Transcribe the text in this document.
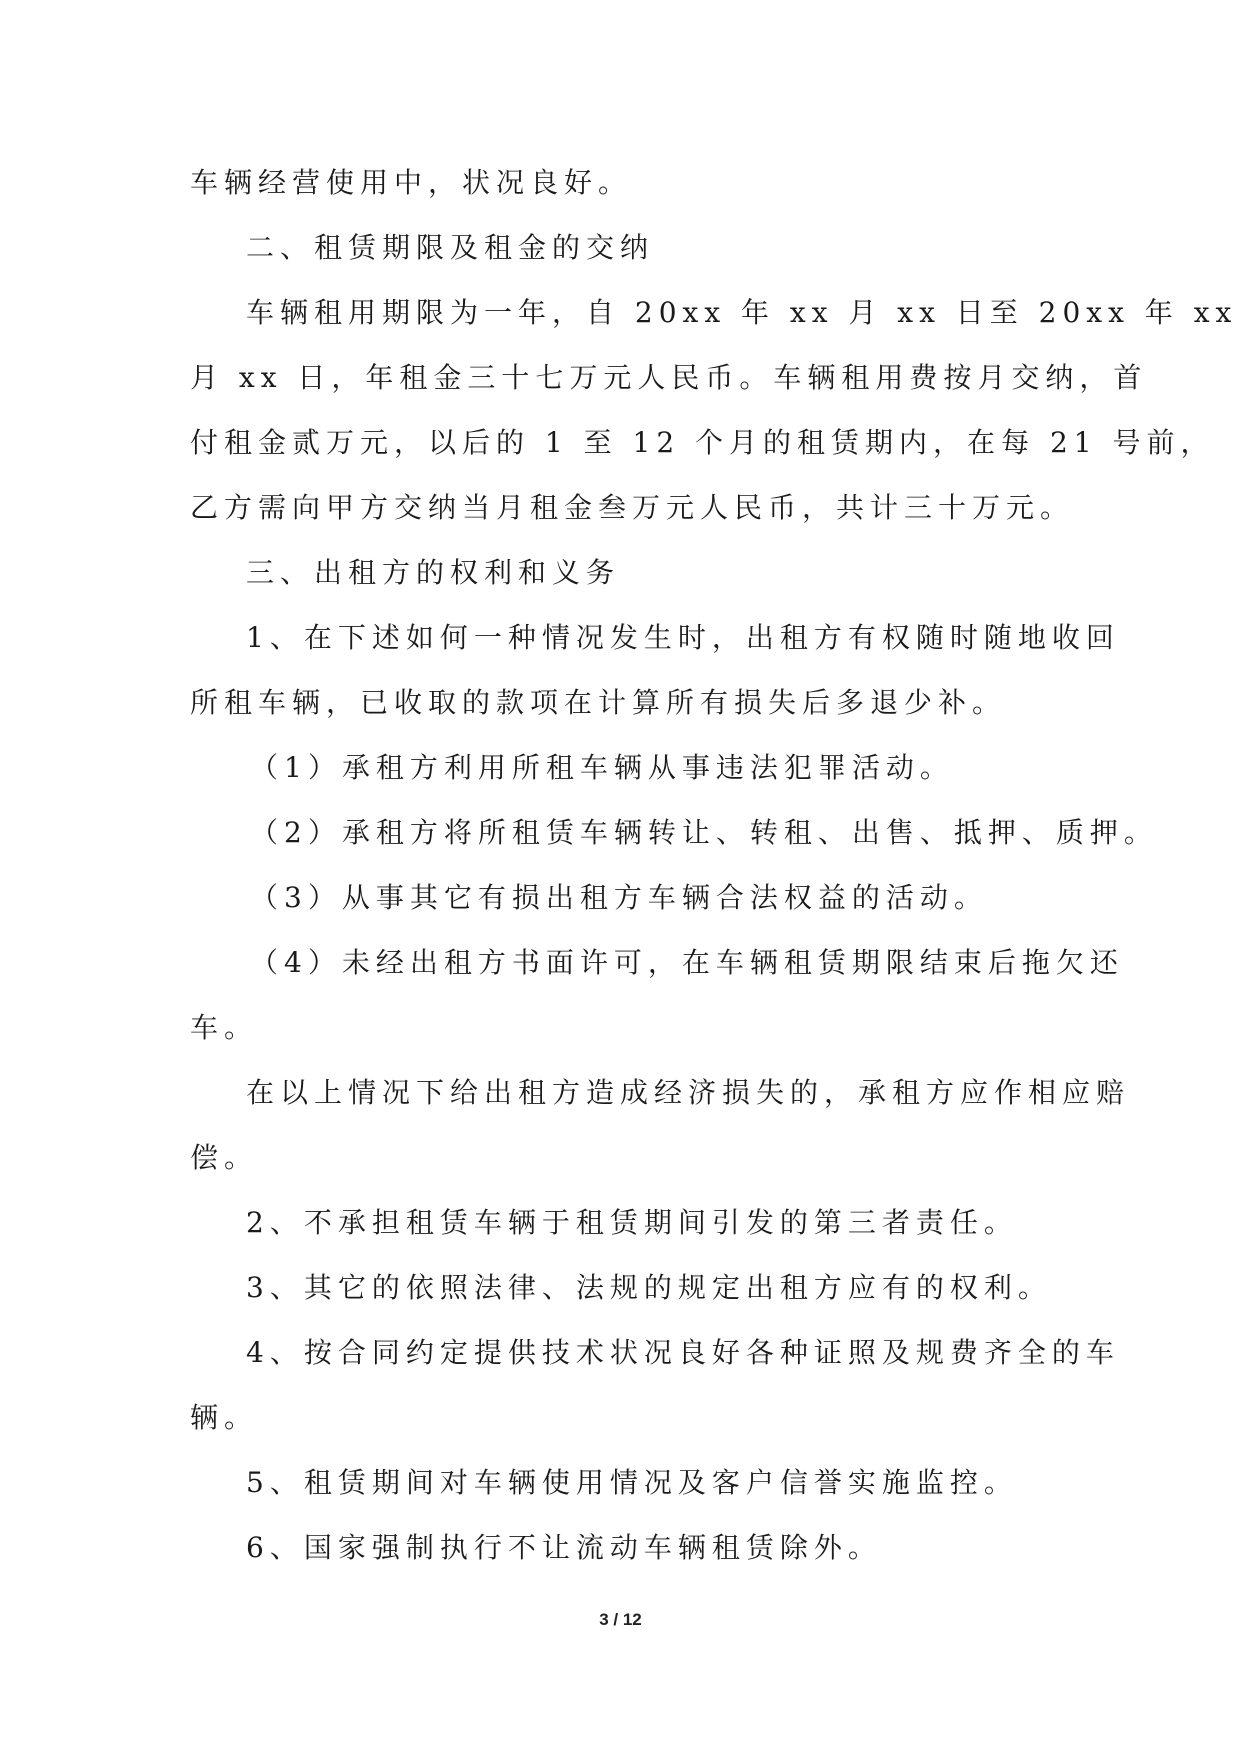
车辆经营使用中，状况良好。
二、租赁期限及租金的交纳
车辆租用期限为一年，自 20xx 年 xx 月 xx 日至 20xx 年 xx
月 xx 日，年租金三十七万元人民币。车辆租用费按月交纳，首
付租金贰万元，以后的 1 至 12 个月的租赁期内，在每 21 号前，
乙方需向甲方交纳当月租金叁万元人民币，共计三十万元。
三、出租方的权利和义务
1、在下述如何一种情况发生时，出租方有权随时随地收回
所租车辆，已收取的款项在计算所有损失后多退少补。
（1）承租方利用所租车辆从事违法犯罪活动。
（2）承租方将所租赁车辆转让、转租、出售、抵押、质押。
（3）从事其它有损出租方车辆合法权益的活动。
（4）未经出租方书面许可，在车辆租赁期限结束后拖欠还
车。
在以上情况下给出租方造成经济损失的，承租方应作相应赔
偿。
2、不承担租赁车辆于租赁期间引发的第三者责任。
3、其它的依照法律、法规的规定出租方应有的权利。
4、按合同约定提供技术状况良好各种证照及规费齐全的车
辆。
5、租赁期间对车辆使用情况及客户信誉实施监控。
6、国家强制执行不让流动车辆租赁除外。
3 / 12
